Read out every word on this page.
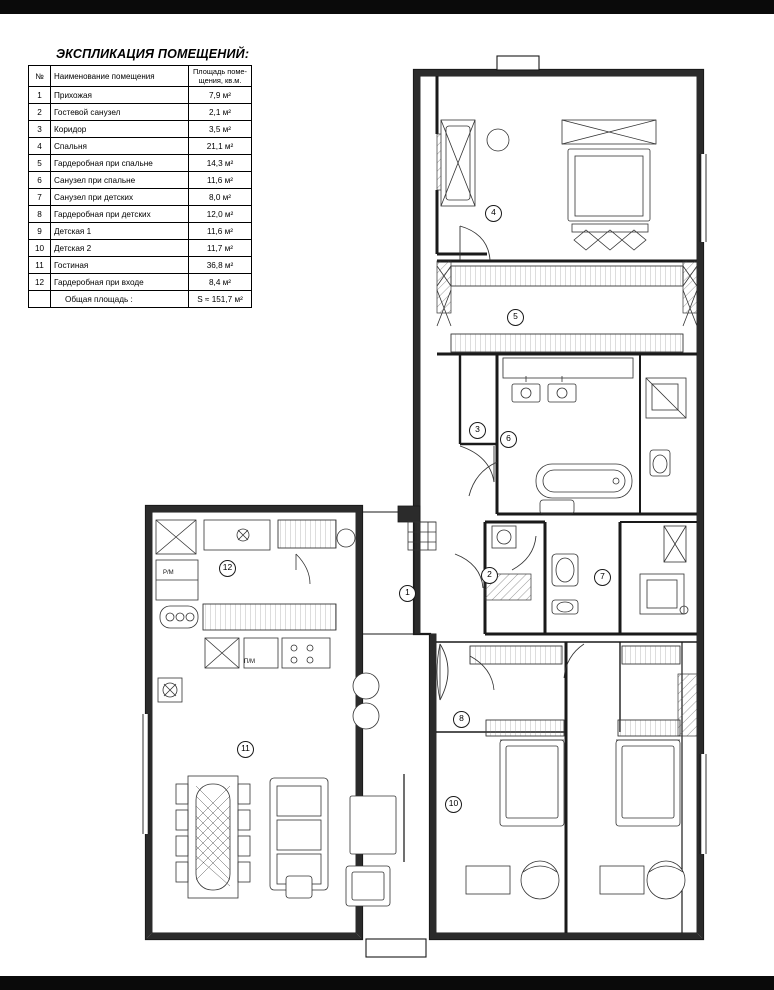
ЭКСПЛИКАЦИЯ ПОМЕЩЕНИЙ:
№	Наименование помещения	Площадь поме-
щения, кв.м.
1	Прихожая	7,9 м²
2	Гостевой санузел	2,1 м²
3	Коридор	3,5 м²
4	Спальня	21,1 м²
5	Гардеробная при спальне	14,3 м²
6	Санузел при спальне	11,6 м²
7	Санузел при детских	8,0 м²
8	Гардеробная при детских	12,0 м²
9	Детская 1	11,6 м²
10	Детская 2	11,7 м²
11	Гостиная	36,8 м²
12	Гардеробная при входе	8,4 м²
	Общая площадь :	S ≈ 151,7 м²
1
2
3
4
5
6
7
8
10
11
12
Р/М
П/М
